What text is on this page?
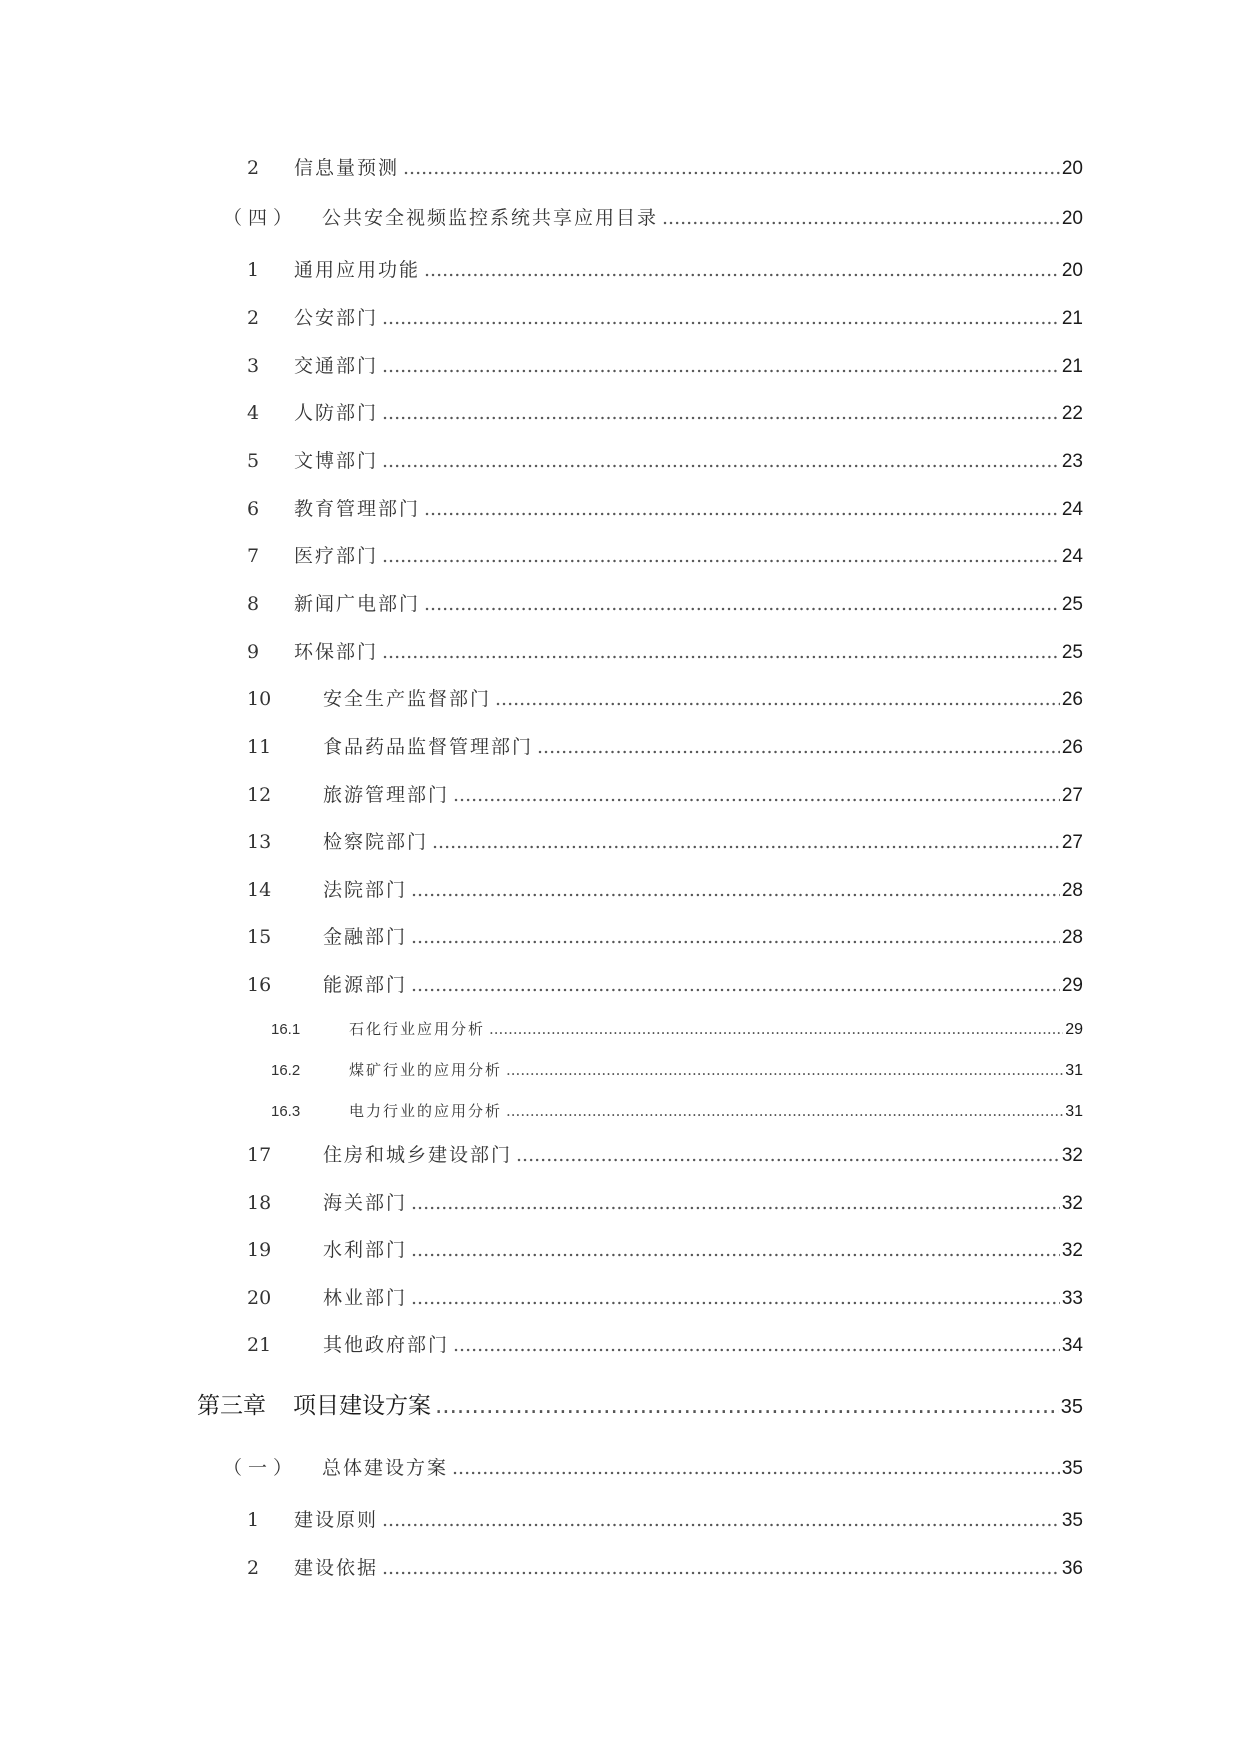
2	信息量预测 .....	20
（四）	公共安全视频监控系统共享应用目录 .....	20
1	通用应用功能 .....	20
2	公安部门 .....	21
3	交通部门 .....	21
4	人防部门 .....	22
5	文博部门 .....	23
6	教育管理部门 .....	24
7	医疗部门 .....	24
8	新闻广电部门 .....	25
9	环保部门 .....	25
10	安全生产监督部门 .....	26
11	食品药品监督管理部门 .....	26
12	旅游管理部门 .....	27
13	检察院部门 .....	27
14	法院部门 .....	28
15	金融部门 .....	28
16	能源部门 .....	29
16.1	石化行业应用分析 .....	29
16.2	煤矿行业的应用分析 .....	31
16.3	电力行业的应用分析 .....	31
17	住房和城乡建设部门 .....	32
18	海关部门 .....	32
19	水利部门 .....	32
20	林业部门 .....	33
21	其他政府部门 .....	34
第三章	项目建设方案 .....	35
（一）	总体建设方案 .....	35
1	建设原则 .....	35
2	建设依据 .....	36
